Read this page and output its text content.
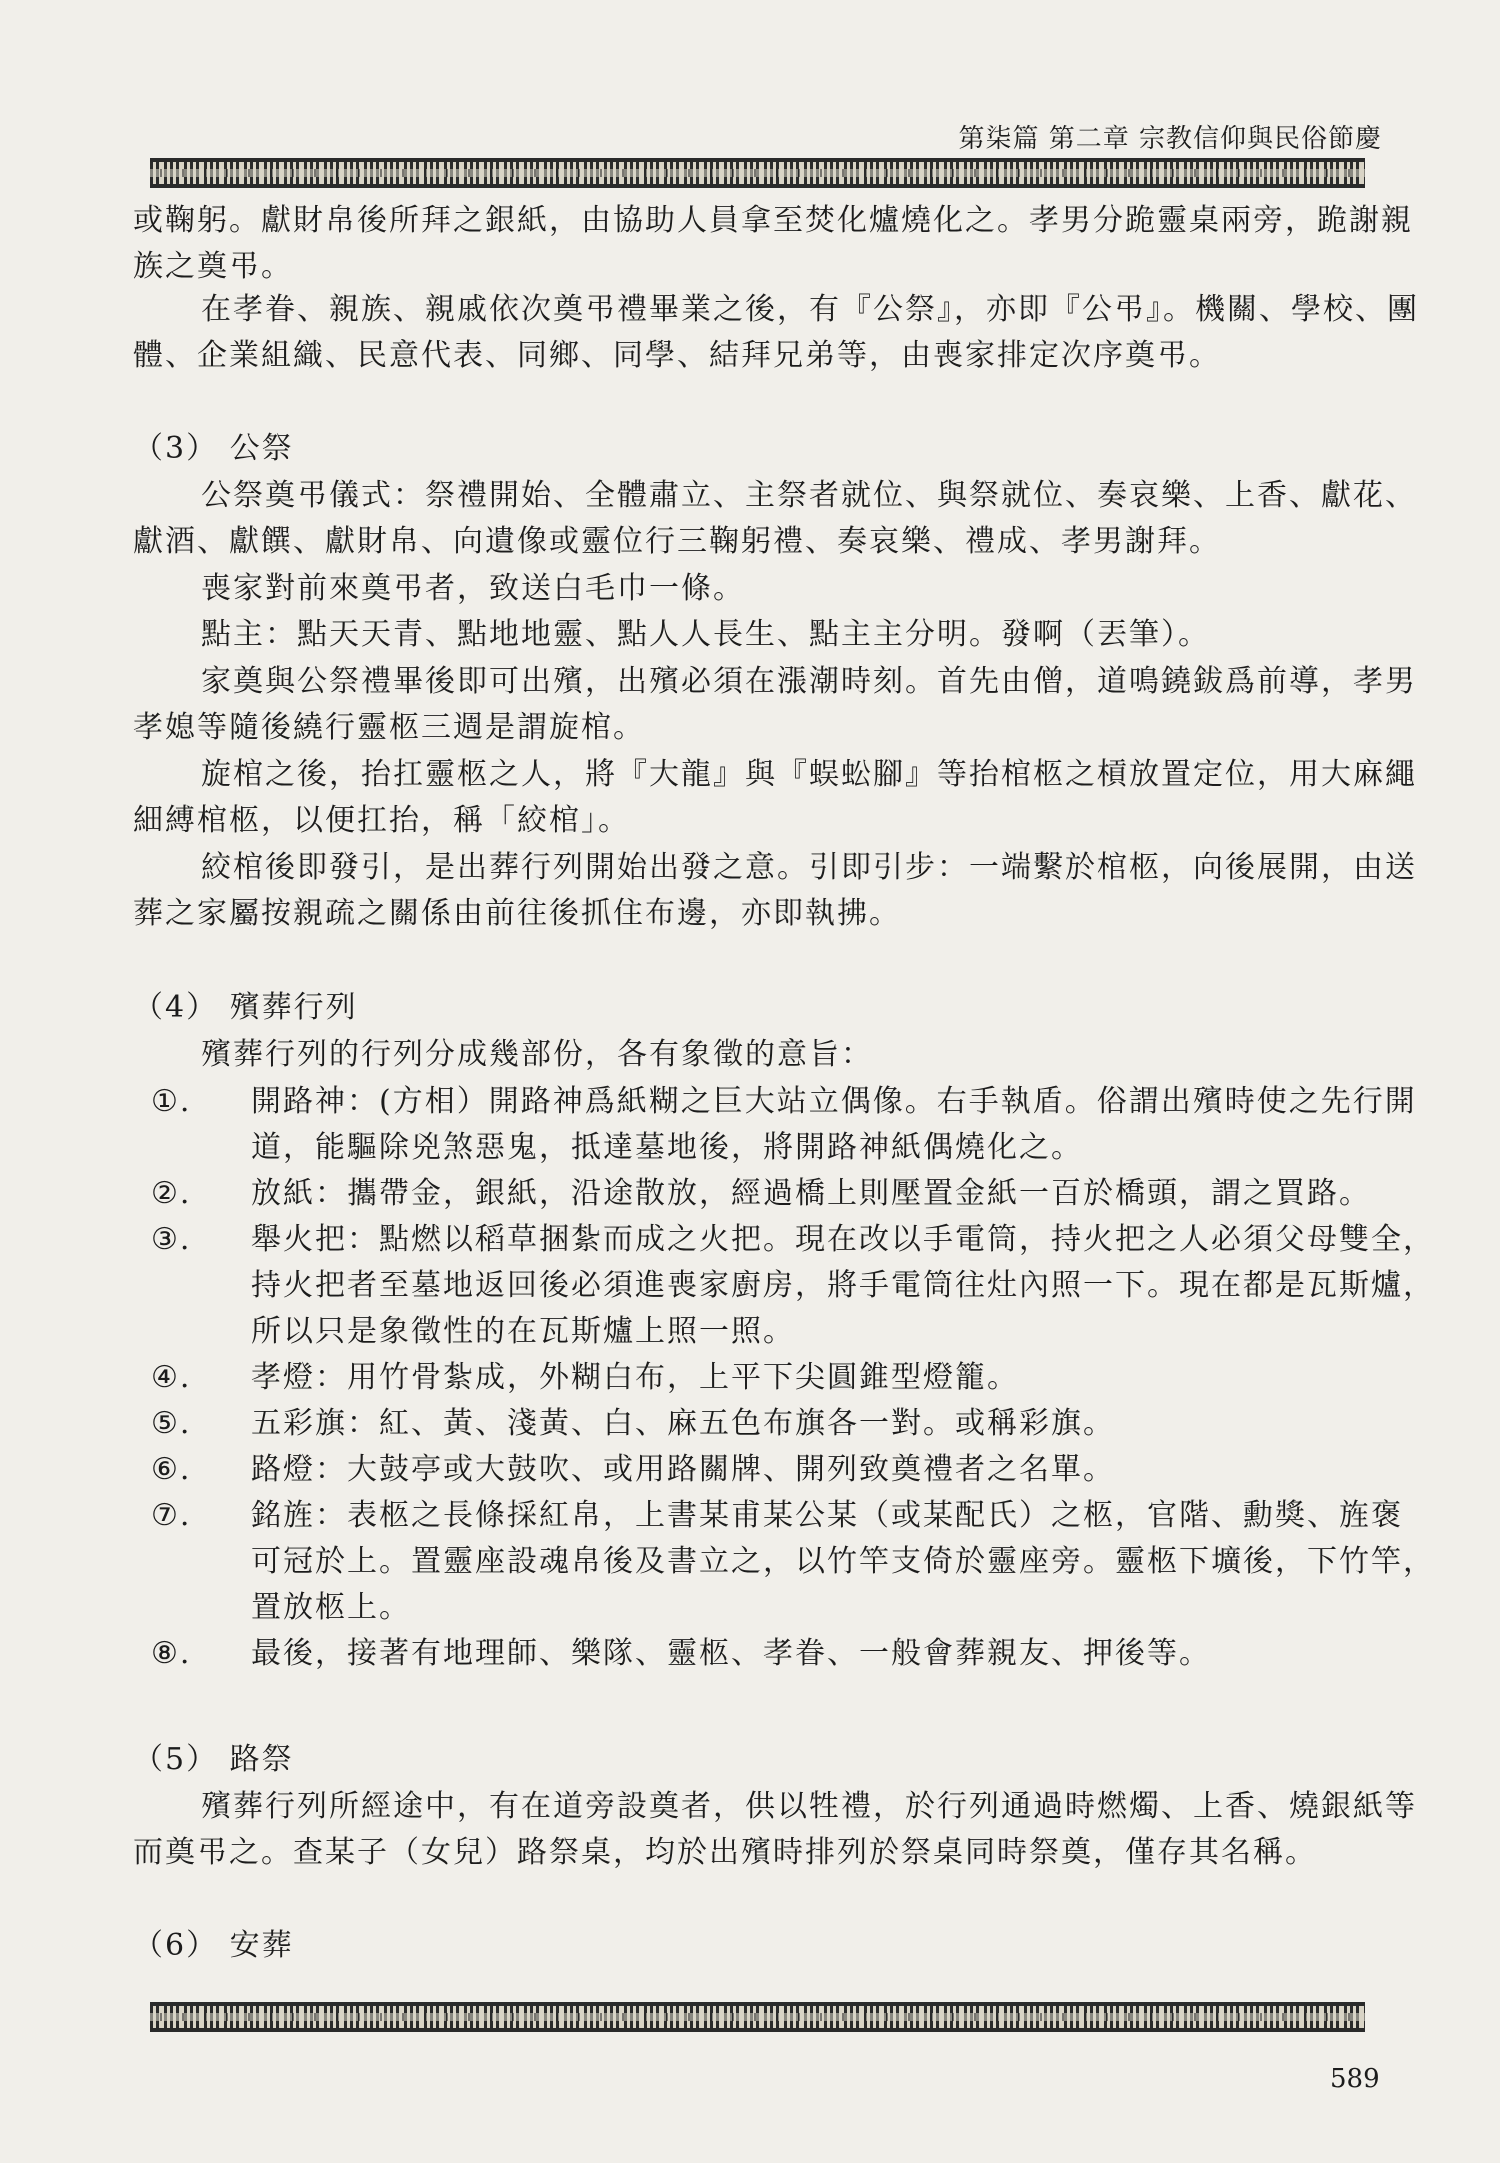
第柒篇 第二章 宗教信仰與民俗節慶
或鞠躬。獻財帛後所拜之銀紙，由協助人員拿至焚化爐燒化之。孝男分跪靈桌兩旁，跪謝親
族之奠弔。
在孝眷、親族、親戚依次奠弔禮畢業之後，有『公祭』，亦即『公弔』。機關、學校、團
體、企業組織、民意代表、同鄉、同學、結拜兄弟等，由喪家排定次序奠弔。
（3） 公祭
公祭奠弔儀式：祭禮開始、全體肅立、主祭者就位、與祭就位、奏哀樂、上香、獻花、
獻酒、獻饌、獻財帛、向遺像或靈位行三鞠躬禮、奏哀樂、禮成、孝男謝拜。
喪家對前來奠弔者，致送白毛巾一條。
點主：點天天青、點地地靈、點人人長生、點主主分明。發啊（丟筆）。
家奠與公祭禮畢後即可出殯，出殯必須在漲潮時刻。首先由僧，道鳴鐃鈸爲前導，孝男
孝媳等隨後繞行靈柩三週是謂旋棺。
旋棺之後，抬扛靈柩之人，將『大龍』與『蜈蚣腳』等抬棺柩之槓放置定位，用大麻繩
細縛棺柩，以便扛抬，稱「絞棺」。
絞棺後即發引，是出葬行列開始出發之意。引即引步：一端繫於棺柩，向後展開，由送
葬之家屬按親疏之關係由前往後抓住布邊，亦即執拂。
（4） 殯葬行列
殯葬行列的行列分成幾部份，各有象徵的意旨：
①.	開路神：(方相）開路神爲紙糊之巨大站立偶像。右手執盾。俗謂出殯時使之先行開
道，能驅除兇煞惡鬼，抵達墓地後，將開路神紙偶燒化之。
②.	放紙：攜帶金，銀紙，沿途散放，經過橋上則壓置金紙一百於橋頭，謂之買路。
③.	舉火把：點燃以稻草捆紮而成之火把。現在改以手電筒，持火把之人必須父母雙全，
持火把者至墓地返回後必須進喪家廚房，將手電筒往灶內照一下。現在都是瓦斯爐，
所以只是象徵性的在瓦斯爐上照一照。
④.	孝燈：用竹骨紮成，外糊白布，上平下尖圓錐型燈籠。
⑤.	五彩旗：紅、黃、淺黃、白、麻五色布旗各一對。或稱彩旗。
⑥.	路燈：大鼓亭或大鼓吹、或用路關牌、開列致奠禮者之名單。
⑦.	銘旌：表柩之長條採紅帛，上書某甫某公某（或某配氏）之柩，官階、勳獎、旌褒
可冠於上。置靈座設魂帛後及書立之，以竹竿支倚於靈座旁。靈柩下壙後，下竹竿，
置放柩上。
⑧.	最後，接著有地理師、樂隊、靈柩、孝眷、一般會葬親友、押後等。
（5） 路祭
殯葬行列所經途中，有在道旁設奠者，供以牲禮，於行列通過時燃燭、上香、燒銀紙等
而奠弔之。查某子（女兒）路祭桌，均於出殯時排列於祭桌同時祭奠，僅存其名稱。
（6） 安葬
589
